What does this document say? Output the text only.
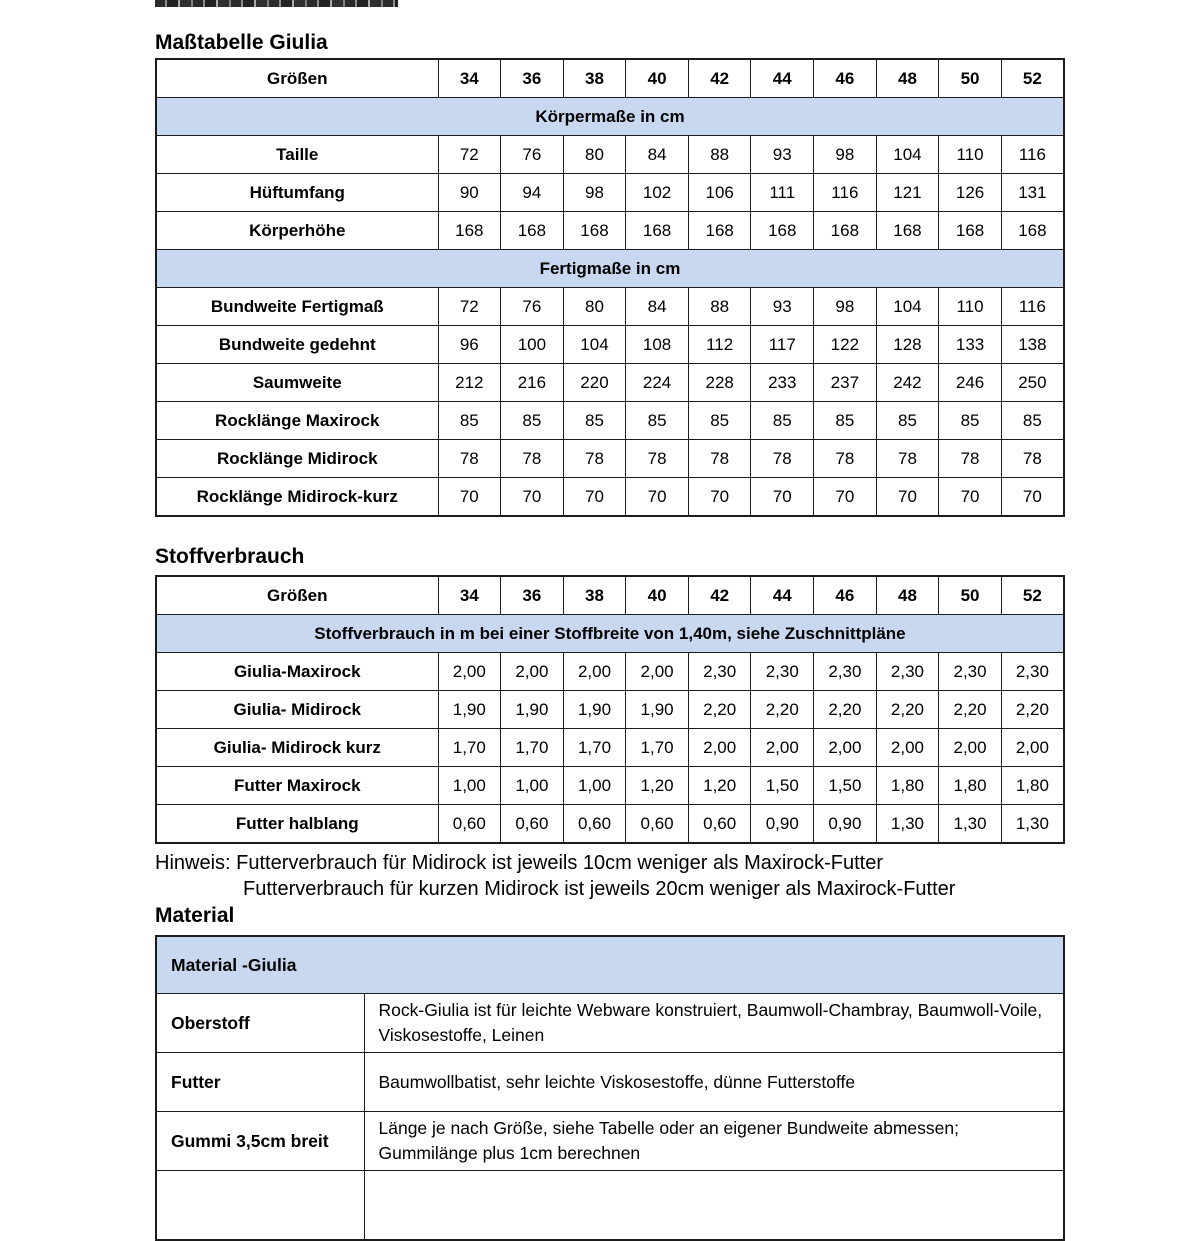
Maßtabelle Giulia
Größen	34	36	38	40	42	44	46	48	50	52
Körpermaße in cm										
Taille	72	76	80	84	88	93	98	104	110	116
Hüftumfang	90	94	98	102	106	111	116	121	126	131
Körperhöhe	168	168	168	168	168	168	168	168	168	168
Fertigmaße in cm										
Bundweite Fertigmaß	72	76	80	84	88	93	98	104	110	116
Bundweite gedehnt	96	100	104	108	112	117	122	128	133	138
Saumweite	212	216	220	224	228	233	237	242	246	250
Rocklänge Maxirock	85	85	85	85	85	85	85	85	85	85
Rocklänge Midirock	78	78	78	78	78	78	78	78	78	78
Rocklänge Midirock-kurz	70	70	70	70	70	70	70	70	70	70
Stoffverbrauch
Größen	34	36	38	40	42	44	46	48	50	52
Stoffverbrauch in m bei einer Stoffbreite von 1,40m, siehe Zuschnittpläne										
Giulia-Maxirock	2,00	2,00	2,00	2,00	2,30	2,30	2,30	2,30	2,30	2,30
Giulia- Midirock	1,90	1,90	1,90	1,90	2,20	2,20	2,20	2,20	2,20	2,20
Giulia- Midirock kurz	1,70	1,70	1,70	1,70	2,00	2,00	2,00	2,00	2,00	2,00
Futter Maxirock	1,00	1,00	1,00	1,20	1,20	1,50	1,50	1,80	1,80	1,80
Futter halblang	0,60	0,60	0,60	0,60	0,60	0,90	0,90	1,30	1,30	1,30

Hinweis: Futterverbrauch für Midirock ist jeweils 10cm weniger als Maxirock-Futter

Futterverbrauch für kurzen Midirock ist jeweils 20cm weniger als Maxirock-Futter

Material
Material -Giulia	
Oberstoff	Rock-Giulia ist für leichte Webware konstruiert, Baumwoll-Chambray, Baumwoll-Voile, Viskosestoffe, Leinen
Futter	Baumwollbatist, sehr leichte Viskosestoffe, dünne Futterstoffe
Gummi 3,5cm breit	Länge je nach Größe, siehe Tabelle oder an eigener Bundweite abmessen; Gummilänge plus 1cm berechnen
